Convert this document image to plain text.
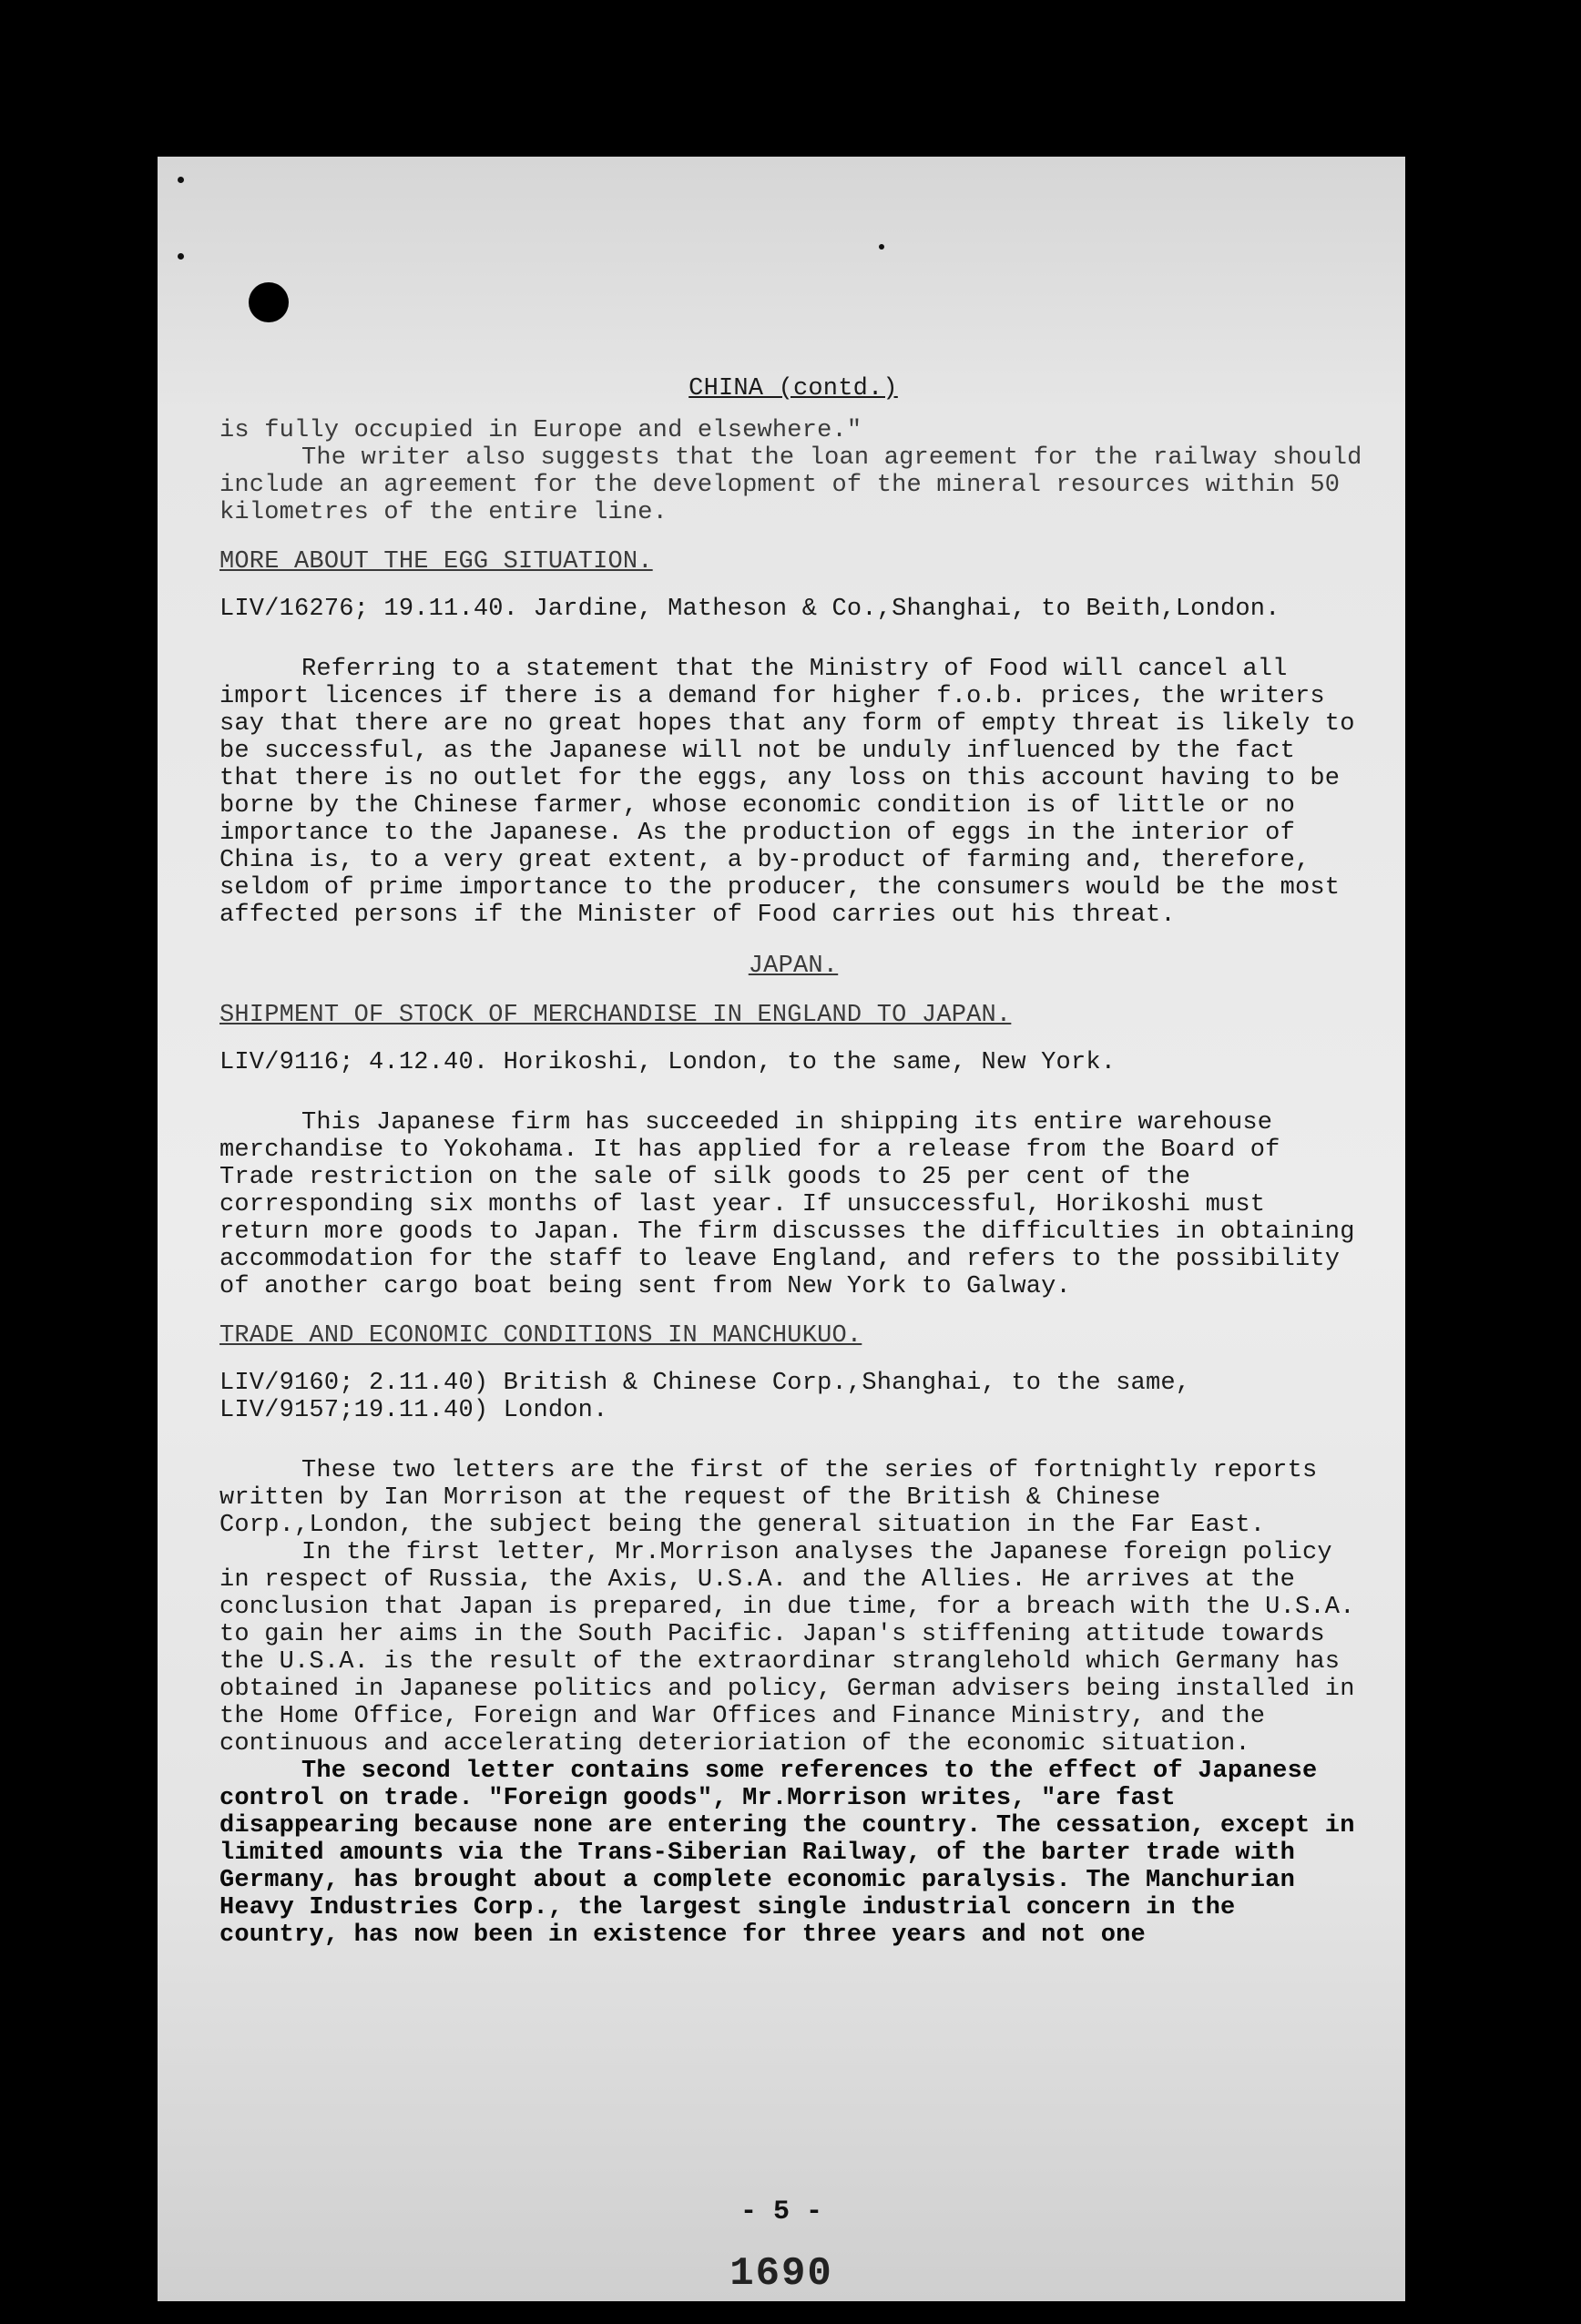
CHINA (contd.)

is fully occupied in Europe and elsewhere."

The writer also suggests that the loan agreement for the railway should include an agreement for the development of the mineral resources within 50 kilometres of the entire line.

MORE ABOUT THE EGG SITUATION.
LIV/16276; 19.11.40. Jardine, Matheson & Co.,Shanghai, to Beith,London.

Referring to a statement that the Ministry of Food will cancel all import licences if there is a demand for higher f.o.b. prices, the writers say that there are no great hopes that any form of empty threat is likely to be successful, as the Japanese will not be unduly influenced by the fact that there is no outlet for the eggs, any loss on this account having to be borne by the Chinese farmer, whose economic condition is of little or no importance to the Japanese. As the production of eggs in the interior of China is, to a very great extent, a by-product of farming and, therefore, seldom of prime importance to the producer, the consumers would be the most affected persons if the Minister of Food carries out his threat.

JAPAN.
SHIPMENT OF STOCK OF MERCHANDISE IN ENGLAND TO JAPAN.
LIV/9116; 4.12.40. Horikoshi, London, to the same, New York.

This Japanese firm has succeeded in shipping its entire warehouse merchandise to Yokohama. It has applied for a release from the Board of Trade restriction on the sale of silk goods to 25 per cent of the corresponding six months of last year. If unsuccessful, Horikoshi must return more goods to Japan. The firm discusses the difficulties in obtaining accommodation for the staff to leave England, and refers to the possibility of another cargo boat being sent from New York to Galway.

TRADE AND ECONOMIC CONDITIONS IN MANCHUKUO.
LIV/9160; 2.11.40) British & Chinese Corp.,Shanghai, to the same,
LIV/9157;19.11.40) London.

These two letters are the first of the series of fortnightly reports written by Ian Morrison at the request of the British & Chinese Corp.,London, the subject being the general situation in the Far East.

In the first letter, Mr.Morrison analyses the Japanese foreign policy in respect of Russia, the Axis, U.S.A. and the Allies. He arrives at the conclusion that Japan is prepared, in due time, for a breach with the U.S.A. to gain her aims in the South Pacific. Japan's stiffening attitude towards the U.S.A. is the result of the extraordinar stranglehold which Germany has obtained in Japanese politics and policy, German advisers being installed in the Home Office, Foreign and War Offices and Finance Ministry, and the continuous and accelerating deterioriation of the economic situation.

The second letter contains some references to the effect of Japanese control on trade. "Foreign goods", Mr.Morrison writes, "are fast disappearing because none are entering the country. The cessation, except in limited amounts via the Trans-Siberian Railway, of the barter trade with Germany, has brought about a complete economic paralysis. The Manchurian Heavy Industries Corp., the largest single industrial concern in the country, has now been in existence for three years and not one

- 5 -
1690
